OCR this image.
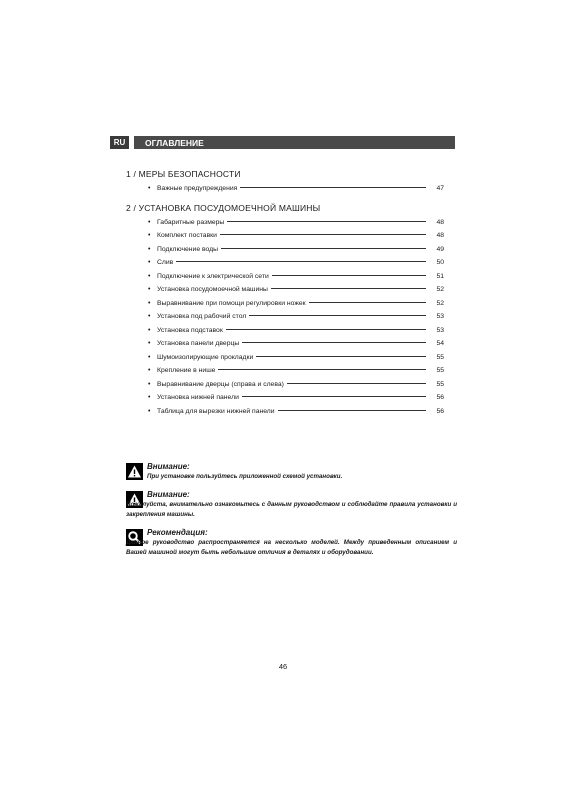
RU	ОГЛАВЛЕНИЕ
1 / МЕРЫ БЕЗОПАСНОСТИ
• Важные предупреждения	47
2 / УСТАНОВКА ПОСУДОМОЕЧНОЙ МАШИНЫ
• Габаритные размеры	48
• Комплект поставки	48
• Подключение воды	49
• Слив	50
• Подключение к электрической сети	51
• Установка посудомоечной машины	52
• Выравнивание при помощи регулировки ножек	52
• Установка под рабочий стол	53
• Установка подставок	53
• Установка панели дверцы	54
• Шумоизолирующие прокладки	55
• Крепление в нише	55
• Выравнивание дверцы (справа и слева)	55
• Установка нижней панели	56
• Таблица для вырезки нижней панели	56
Внимание:
При установке пользуйтесь приложенной схемой установки.
Внимание:
Пожалуйста, внимательно ознакомьтесь с данным руководством и соблюдайте правила установки и закрепления машины.
Рекомендация:
Данное руководство распространяется на несколько моделей. Между приведенным описанием и Вашей машиной могут быть небольшие отличия в деталях и оборудовании.
46
